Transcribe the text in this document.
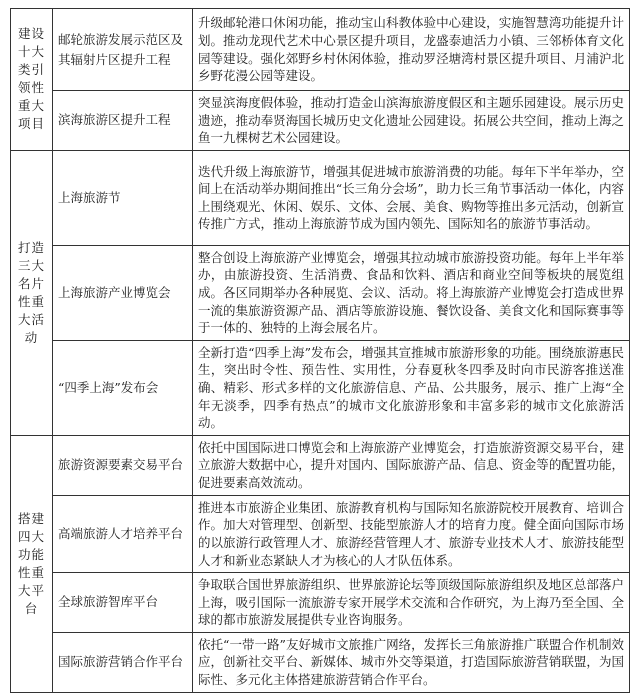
建设十大类引领性重大项目	邮轮旅游发展示范区及其辐射片区提升工程	升级邮轮港口休闲功能，推动宝山科教体验中心建设，实施智慧湾功能提升计划。推动龙现代艺术中心景区提升项目，龙盛泰迪活力小镇、三邻桥体育文化园等建设。强化郊野乡村休闲体验，推动罗泾塘湾村景区提升项目、月浦沪北乡野花漫公园等建设。
	滨海旅游区提升工程	突显滨海度假体验，推动打造金山滨海旅游度假区和主题乐园建设。展示历史遗迹，推动奉贤海国长城历史文化遗址公园建设。拓展公共空间，推动上海之鱼一九棵树艺术公园建设。
打造三大名片性重大活动	上海旅游节	迭代升级上海旅游节，增强其促进城市旅游消费的功能。每年下半年举办，空间上在活动举办期间推出“长三角分会场”，助力长三角节事活动一体化，内容上围绕观光、休闲、娱乐、文体、会展、美食、购物等推出多元活动，创新宣传推广方式，推动上海旅游节成为国内领先、国际知名的旅游节事活动。
	上海旅游产业博览会	整合创设上海旅游产业博览会，增强其拉动城市旅游投资功能。每年上半年举办，由旅游投资、生活消费、食品和饮料、酒店和商业空间等板块的展览组成。各区同期举办各种展览、会议、活动。将上海旅游产业博览会打造成世界一流的集旅游资源产品、酒店等旅游设施、餐饮设备、美食文化和国际赛事等于一体的、独特的上海会展名片。
	“四季上海”发布会	全新打造“四季上海”发布会，增强其宣推城市旅游形象的功能。围绕旅游惠民生，突出时令性、预告性、实用性，分春夏秋冬四季及时向市民游客推送准确、精彩、形式多样的文化旅游信息、产品、公共服务，展示、推广上海“全年无淡季，四季有热点”的城市文化旅游形象和丰富多彩的城市文化旅游活动。
搭建四大功能性重大平台	旅游资源要素交易平台	依托中国国际进口博览会和上海旅游产业博览会，打造旅游资源交易平台，建立旅游大数据中心，提升对国内、国际旅游产品、信息、资金等的配置功能，促进要素高效流动。
	高端旅游人才培养平台	推进本市旅游企业集团、旅游教育机构与国际知名旅游院校开展教育、培训合作。加大对管理型、创新型、技能型旅游人才的培育力度。健全面向国际市场的以旅游行政管理人才、旅游经营管理人才、旅游专业技术人才、旅游技能型人才和新业态紧缺人才为核心的人才队伍体系。
	全球旅游智库平台	争取联合国世界旅游组织、世界旅游论坛等顶级国际旅游组织及地区总部落户上海，吸引国际一流旅游专家开展学术交流和合作研究，为上海乃至全国、全球的都市旅游发展提供专业咨询服务。
	国际旅游营销合作平台	依托“一带一路”友好城市文旅推广网络，发挥长三角旅游推广联盟合作机制效应，创新社交平台、新媒体、城市外交等渠道，打造国际旅游营销联盟，为国际性、多元化主体搭建旅游营销合作平台。
